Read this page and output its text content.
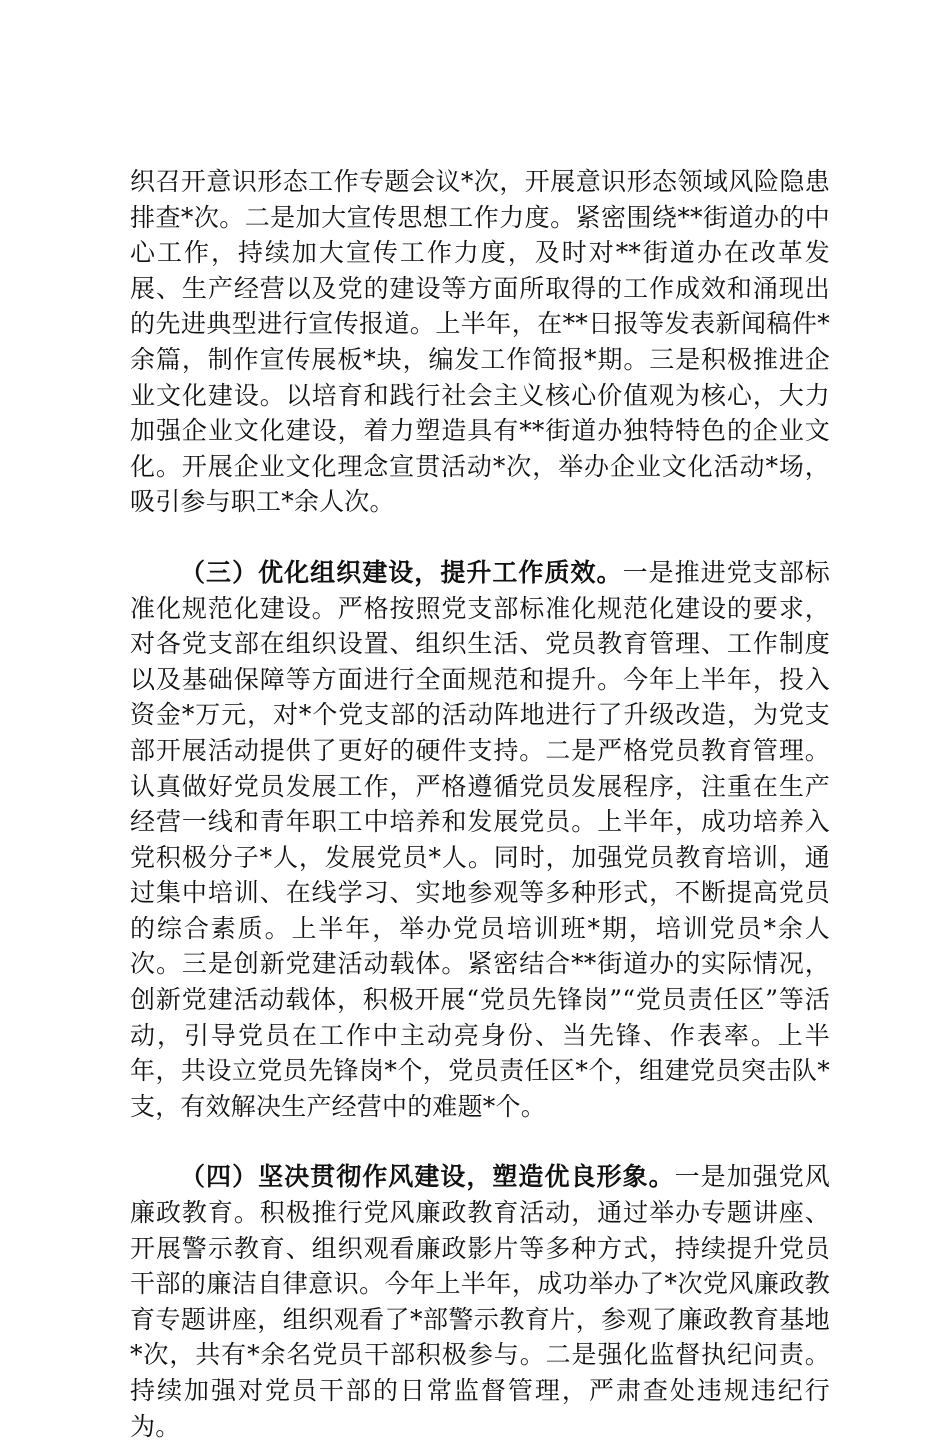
织召开意识形态工作专题会议*次，开展意识形态领域风险隐患排查*次。二是加大宣传思想工作力度。紧密围绕**街道办的中心工作，持续加大宣传工作力度，及时对**街道办在改革发展、生产经营以及党的建设等方面所取得的工作成效和涌现出的先进典型进行宣传报道。上半年，在**日报等发表新闻稿件*余篇，制作宣传展板*块，编发工作简报*期。三是积极推进企业文化建设。以培育和践行社会主义核心价值观为核心，大力加强企业文化建设，着力塑造具有**街道办独特特色的企业文化。开展企业文化理念宣贯活动*次，举办企业文化活动*场，吸引参与职工*余人次。

（三）优化组织建设，提升工作质效。一是推进党支部标准化规范化建设。严格按照党支部标准化规范化建设的要求，对各党支部在组织设置、组织生活、党员教育管理、工作制度以及基础保障等方面进行全面规范和提升。今年上半年，投入资金*万元，对*个党支部的活动阵地进行了升级改造，为党支部开展活动提供了更好的硬件支持。二是严格党员教育管理。认真做好党员发展工作，严格遵循党员发展程序，注重在生产经营一线和青年职工中培养和发展党员。上半年，成功培养入党积极分子*人，发展党员*人。同时，加强党员教育培训，通过集中培训、在线学习、实地参观等多种形式，不断提高党员的综合素质。上半年，举办党员培训班*期，培训党员*余人次。三是创新党建活动载体。紧密结合**街道办的实际情况，创新党建活动载体，积极开展“党员先锋岗”“党员责任区”等活动，引导党员在工作中主动亮身份、当先锋、作表率。上半年，共设立党员先锋岗*个，党员责任区*个，组建党员突击队*支，有效解决生产经营中的难题*个。

（四）坚决贯彻作风建设，塑造优良形象。一是加强党风廉政教育。积极推行党风廉政教育活动，通过举办专题讲座、开展警示教育、组织观看廉政影片等多种方式，持续提升党员干部的廉洁自律意识。今年上半年，成功举办了*次党风廉政教育专题讲座，组织观看了*部警示教育片，参观了廉政教育基地*次，共有*余名党员干部积极参与。二是强化监督执纪问责。持续加强对党员干部的日常监督管理，严肃查处违规违纪行为。
